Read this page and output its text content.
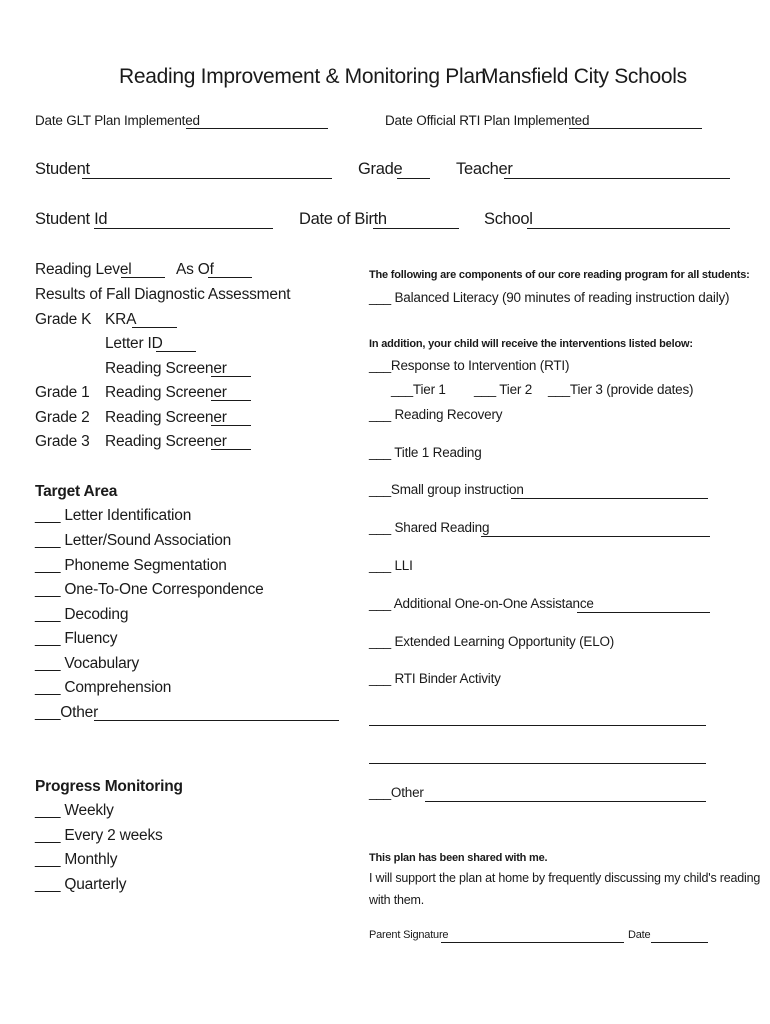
Reading Improvement & Monitoring Plan
Mansfield City Schools
Date GLT Plan Implemented	Date Official RTI Plan Implemented
Student	Grade	Teacher
Student Id	Date of Birth	School
Reading Level	As Of
Results of Fall Diagnostic Assessment
Grade K KRA
Letter ID
Reading Screener
Grade 1 Reading Screener
Grade 2 Reading Screener
Grade 3 Reading Screener
Target Area
___ Letter Identification
___ Letter/Sound Association
___ Phoneme Segmentation
___ One-To-One Correspondence
___ Decoding
___ Fluency
___ Vocabulary
___ Comprehension
___Other
Progress Monitoring
___ Weekly
___ Every 2 weeks
___ Monthly
___ Quarterly
The following are components of our core reading program for all students:
___ Balanced Literacy (90 minutes of reading instruction daily)
In addition, your child will receive the interventions listed below:
___Response to Intervention (RTI)
___Tier 1 ___ Tier 2 ___Tier 3 (provide dates)
___ Reading Recovery
___ Title 1 Reading
___Small group instruction
___ Shared Reading
___ LLI
___ Additional One-on-One Assistance
___ Extended Learning Opportunity (ELO)
___ RTI Binder Activity
___Other
This plan has been shared with me.
I will support the plan at home by frequently discussing my child's reading
with them.
Parent Signature	Date
